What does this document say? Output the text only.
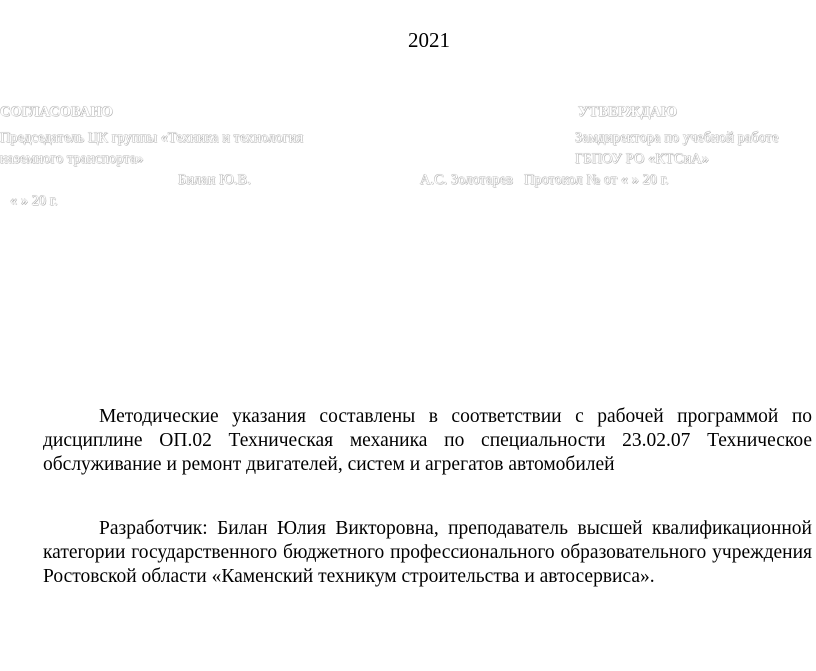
2021
СОГЛАСОВАНО
Председатель ЦК группы «Техника и технология
наземного транспорта»
Билан Ю.В.
УТВЕРЖДАЮ
Замдиректора по учебной работе
ГБПОУ РО «КТСиА»
А.С. Золотарев Протокол № от « » 20 г.
« » 20 г.
Методические указания составлены в соответствии с рабочей программой по
дисциплине ОП.02 Техническая механика по специальности 23.02.07 Техническое
обслуживание и ремонт двигателей, систем и агрегатов автомобилей
Разработчик: Билан Юлия Викторовна, преподаватель высшей квалификационной
категории государственного бюджетного профессионального образовательного учреждения
Ростовской области «Каменский техникум строительства и автосервиса».
